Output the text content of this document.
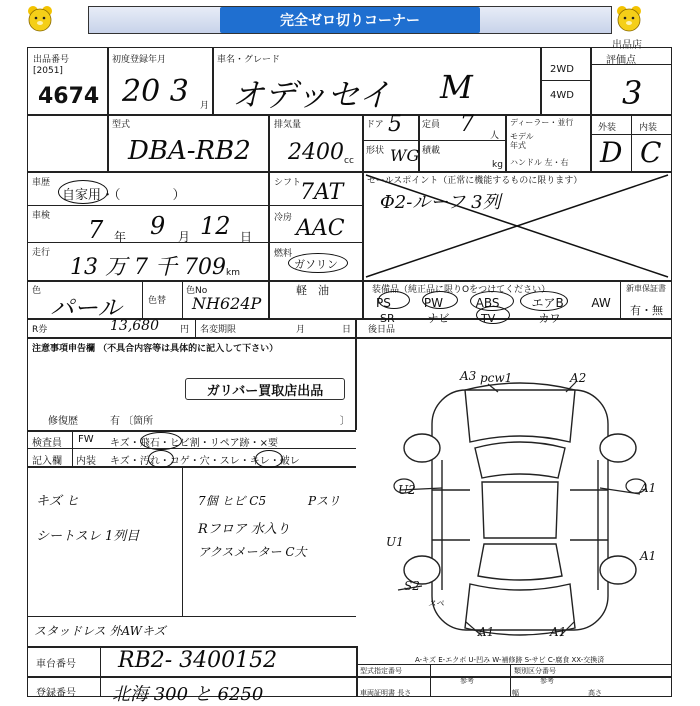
完全ゼロ切りコーナー
出品店
出品番号
[2051]
4674
初度登録年月
20 3 月
車名・グレード
オデッセイ M	2WD
4WD
評価点
3
型式
DBA-RB2
排気量
2400 cc
ドア 5 定員 7 人
形状 WG 積載
kg
ディーラー・並行
モデル年式
ハンドル 左・右
外装	内装
D C
車歴
自家用・（　　　　）
シフト
7AT
車検 7 年 9 月 12 日
冷房 AAC
走行
13 万 7 千 709 km
燃料
ガソリン
軽　油
色
パール	色替
色No
NH624P
セールスポイント（正常に機能するものに限ります）
Φ2-ルーフ 3列
装備品（純正品に限りOをつけてください）
PS	PW	ABS	エアB AW
SR	ナビ	TV	カワ
新車保証書
有・無
R券	13,680 円 名変期限	月	日 後日品
注意事項申告欄 （不具合内容等は具体的に記入して下さい）
ガリバー買取店出品
修復歴	有 〔箇所	〕
検査員
記入欄
FW キズ・飛石・ヒビ割・リペア跡・×要
内装 キズ・汚れ・コゲ・穴・スレ・キレ・破レ
キズ ヒ
シートスレ 1列目
7個 ヒビ C5	Pスリ
Rフロア 水入り
アクスメーター C大
スタッドレス 外AWキズ
車台番号 RB2- 3400152
登録番号 北海 300 と 6250
A3 pcw1	A2
U2	A1
U1
A1
S2
A1	A1
スペ
A-キズ E-エクボ U-凹み W-補修跡 S-サビ C-腐食 XX-交換済
型式指定番号	類別区分番号
参考	参考
車両証明書 長さ	幅	高さ
